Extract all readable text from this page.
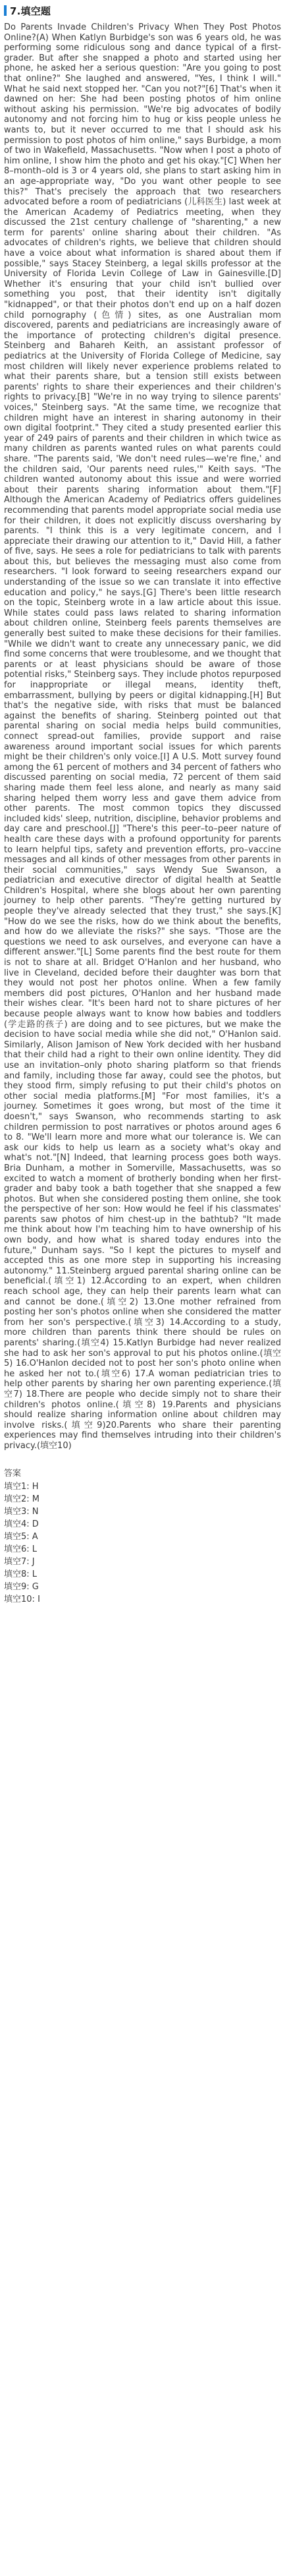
7.填空题
Do Parents Invade Children's Privacy When They Post Photos Online?(A) When Katlyn Burbidge's son was 6 years old, he was performing some ridiculous song and dance typical of a first-grader. But after she snapped a photo and started using her phone, he asked her a serious question: "Are you going to post that online?" She laughed and answered, "Yes, I think I will." What he said next stopped her. "Can you not?"[6] That's when it dawned on her: She had been posting photos of him online without asking his permission. "We're big advocates of bodily autonomy and not forcing him to hug or kiss people unless he wants to, but it never occurred to me that I should ask his permission to post photos of him online," says Burbidge, a mom of two in Wakefield, Massachusetts. "Now when I post a photo of him online, I show him the photo and get his okay."[C] When her 8–month–old is 3 or 4 years old, she plans to start asking him in an age-appropriate way, "Do you want other people to see this?" That's precisely the approach that two researchers advocated before a room of pediatricians (儿科医生) last week at the American Academy of Pediatrics meeting, when they discussed the 21st century challenge of "sharenting," a new term for parents' online sharing about their children. "As advocates of children's rights, we believe that children should have a voice about what information is shared about them if possible," says Stacey Steinberg, a legal skills professor at the University of Florida Levin College of Law in Gainesville.[D] Whether it's ensuring that your child isn't bullied over something you post, that their identity isn't digitally "kidnapped", or that their photos don't end up on a half dozen child pornography (色情) sites, as one Australian mom discovered, parents and pediatricians are increasingly aware of the importance of protecting children's digital presence. Steinberg and Bahareh Keith, an assistant professor of pediatrics at the University of Florida College of Medicine, say most children will likely never experience problems related to what their parents share, but a tension still exists between parents' rights to share their experiences and their children's rights to privacy.[B] "We're in no way trying to silence parents' voices," Steinberg says. "At the same time, we recognize that children might have an interest in sharing autonomy in their own digital footprint." They cited a study presented earlier this year of 249 pairs of parents and their children in which twice as many children as parents wanted rules on what parents could share. "The parents said, 'We don't need rules—we're fine,' and the children said, 'Our parents need rules,'" Keith says. "The children wanted autonomy about this issue and were worried about their parents sharing information about them."[F] Although the American Academy of Pediatrics offers guidelines recommending that parents model appropriate social media use for their children, it does not explicitly discuss oversharing by parents. "I think this is a very legitimate concern, and I appreciate their drawing our attention to it," David Hill, a father of five, says. He sees a role for pediatricians to talk with parents about this, but believes the messaging must also come from researchers. "I look forward to seeing researchers expand our understanding of the issue so we can translate it into effective education and policy," he says.[G] There's been little research on the topic, Steinberg wrote in a law article about this issue. While states could pass laws related to sharing information about children online, Steinberg feels parents themselves are generally best suited to make these decisions for their families. "While we didn't want to create any unnecessary panic, we did find some concerns that were troublesome, and we thought that parents or at least physicians should be aware of those potential risks," Steinberg says. They include photos repurposed for inappropriate or illegal means, identity theft, embarrassment, bullying by peers or digital kidnapping.[H] But that's the negative side, with risks that must be balanced against the benefits of sharing. Steinberg pointed out that parental sharing on social media helps build communities, connect spread-out families, provide support and raise awareness around important social issues for which parents might be their children's only voice.[I] A U.S. Mott survey found among the 61 percent of mothers and 34 percent of fathers who discussed parenting on social media, 72 percent of them said sharing made them feel less alone, and nearly as many said sharing helped them worry less and gave them advice from other parents. The most common topics they discussed included kids' sleep, nutrition, discipline, behavior problems and day care and preschool.[J] "There's this peer–to–peer nature of health care these days with a profound opportunity for parents to learn helpful tips, safety and prevention efforts, pro–vaccine messages and all kinds of other messages from other parents in their social communities," says Wendy Sue Swanson, a pediatrician and executive director of digital health at Seattle Children's Hospital, where she blogs about her own parenting journey to help other parents. "They're getting nurtured by people they've already selected that they trust," she says.[K] "How do we see the risks, how do we think about the benefits, and how do we alleviate the risks?" she says. "Those are the questions we need to ask ourselves, and everyone can have a different answer."[L] Some parents find the best route for them is not to share at all. Bridget O'Hanlon and her husband, who live in Cleveland, decided before their daughter was born that they would not post her photos online. When a few family members did post pictures, O'Hanlon and her husband made their wishes clear. "It's been hard not to share pictures of her because people always want to know how babies and toddlers (学走路的孩子) are doing and to see pictures, but we make the decision to have social media while she did not," O'Hanlon said. Similarly, Alison Jamison of New York decided with her husband that their child had a right to their own online identity. They did use an invitation–only photo sharing platform so that friends and family, including those far away, could see the photos, but they stood firm, simply refusing to put their child's photos on other social media platforms.[M] "For most families, it's a journey. Sometimes it goes wrong, but most of the time it doesn't," says Swanson, who recommends starting to ask children permission to post narratives or photos around ages 6 to 8. "We'll learn more and more what our tolerance is. We can ask our kids to help us learn as a society what's okay and what's not."[N] Indeed, that learning process goes both ways. Bria Dunham, a mother in Somerville, Massachusetts, was so excited to watch a moment of brotherly bonding when her first-grader and baby took a bath together that she snapped a few photos. But when she considered posting them online, she took the perspective of her son: How would he feel if his classmates' parents saw photos of him chest-up in the bathtub? "It made me think about how I'm teaching him to have ownership of his own body, and how what is shared today endures into the future," Dunham says. "So I kept the pictures to myself and accepted this as one more step in supporting his increasing autonomy." 11.Steinberg argued parental sharing online can be beneficial.(填空1) 12.According to an expert, when children reach school age, they can help their parents learn what can and cannot be done.(填空2) 13.One mother refrained from posting her son's photos online when she considered the matter from her son's perspective.(填空3) 14.According to a study, more children than parents think there should be rules on parents' sharing.(填空4) 15.Katlyn Burbidge had never realized she had to ask her son's approval to put his photos online.(填空5) 16.O'Hanlon decided not to post her son's photo online when he asked her not to.(填空6) 17.A woman pediatrician tries to help other parents by sharing her own parenting experience.(填空7) 18.There are people who decide simply not to share their children's photos online.(填空8) 19.Parents and physicians should realize sharing information online about children may involve risks.(填空9)20.Parents who share their parenting experiences may find themselves intruding into their children's privacy.(填空10)
答案
填空1: H
填空2: M
填空3: N
填空4: D
填空5: A
填空6: L
填空7: J
填空8: L
填空9: G
填空10: I
